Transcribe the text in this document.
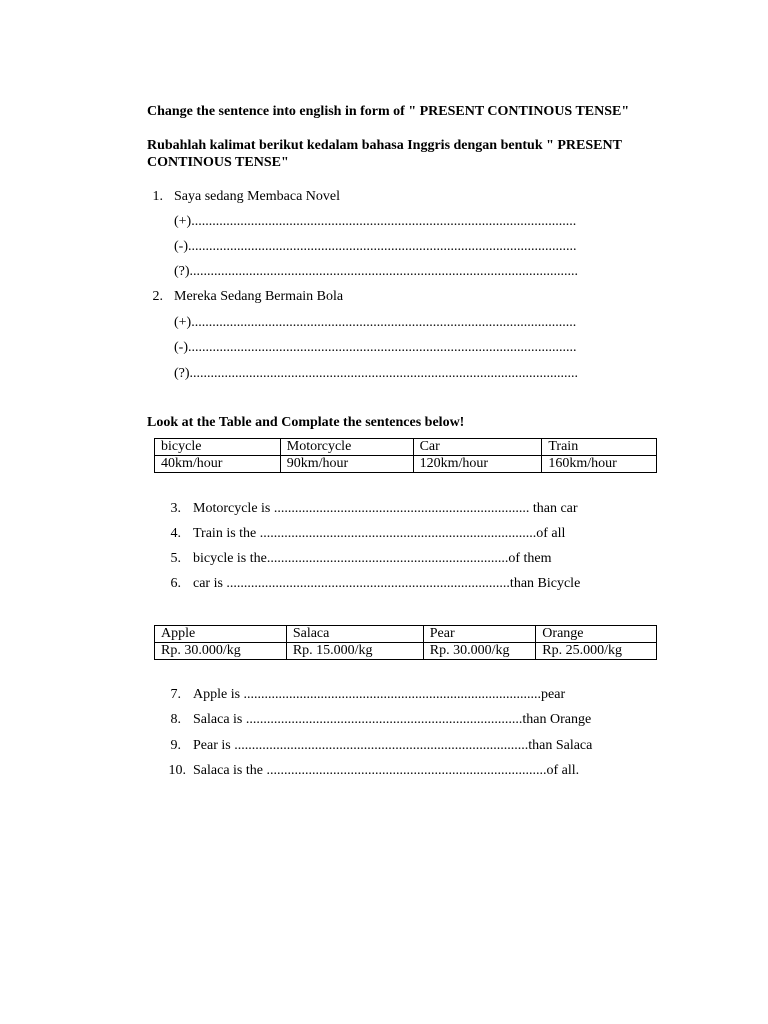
Change the sentence into english in form of " PRESENT CONTINOUS TENSE"
Rubahlah kalimat berikut kedalam bahasa Inggris dengan bentuk " PRESENT CONTINOUS TENSE"
1. Saya sedang Membaca Novel
(+)..............................................................................................................
(-)...............................................................................................................
(?)...............................................................................................................
2. Mereka Sedang Bermain Bola
(+)..............................................................................................................
(-)...............................................................................................................
(?)...............................................................................................................
Look at the Table and Complate the sentences below!
bicycle	Motorcycle	Car	Train
40km/hour	90km/hour	120km/hour	160km/hour
3. Motorcycle is ......................................................................... than car
4. Train is the ...............................................................................of all
5. bicycle is the.....................................................................of them
6. car is .................................................................................than Bicycle
Apple	Salaca	Pear	Orange
Rp. 30.000/kg	Rp. 15.000/kg	Rp. 30.000/kg	Rp. 25.000/kg
7. Apple is .....................................................................................pear
8. Salaca is ...............................................................................than Orange
9. Pear is ....................................................................................than Salaca
10. Salaca is the ................................................................................of all.
